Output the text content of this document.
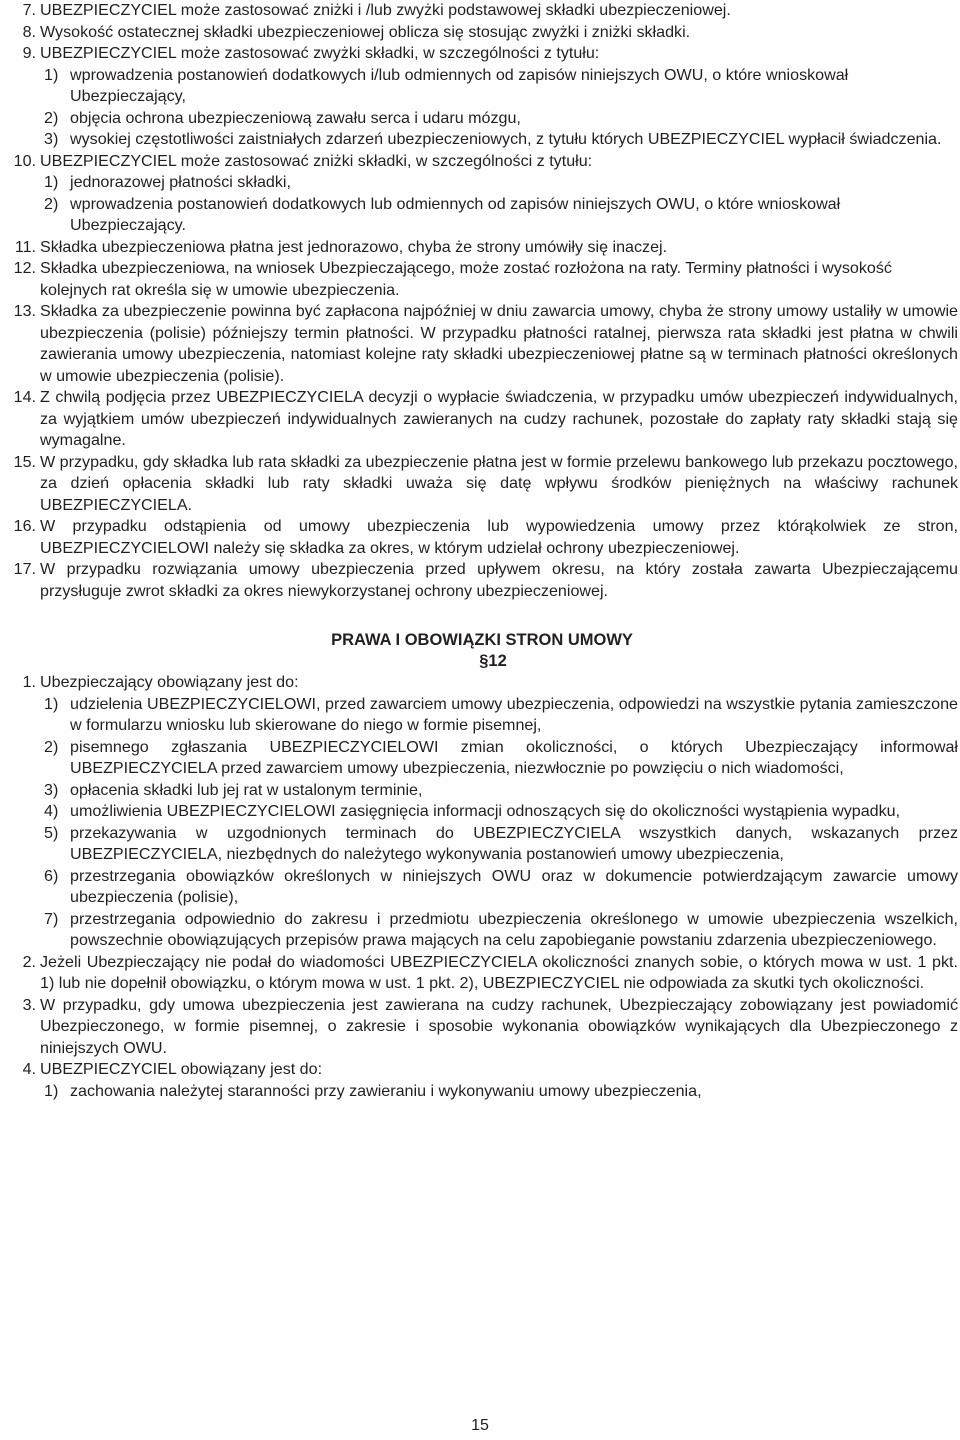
7. UBEZPIECZYCIEL może zastosować zniżki i /lub zwyżki podstawowej składki ubezpieczeniowej.
8. Wysokość ostatecznej składki ubezpieczeniowej oblicza się stosując zwyżki i zniżki składki.
9. UBEZPIECZYCIEL może zastosować zwyżki składki, w szczególności z tytułu:
1) wprowadzenia postanowień dodatkowych i/lub odmiennych od zapisów niniejszych OWU, o które wnioskował Ubezpieczający,
2) objęcia ochrona ubezpieczeniową zawału serca i udaru mózgu,
3) wysokiej częstotliwości zaistniałych zdarzeń ubezpieczeniowych, z tytułu których UBEZPIECZYCIEL wypłacił świadczenia.
10. UBEZPIECZYCIEL może zastosować zniżki składki, w szczególności z tytułu:
1) jednorazowej płatności składki,
2) wprowadzenia postanowień dodatkowych lub odmiennych od zapisów niniejszych OWU, o które wnioskował Ubezpieczający.
11. Składka ubezpieczeniowa płatna jest jednorazowo, chyba że strony umówiły się inaczej.
12. Składka ubezpieczeniowa, na wniosek Ubezpieczającego, może zostać rozłożona na raty. Terminy płatności i wysokość kolejnych rat określa się w umowie ubezpieczenia.
13. Składka za ubezpieczenie powinna być zapłacona najpóźniej w dniu zawarcia umowy, chyba że strony umowy ustaliły w umowie ubezpieczenia (polisie) późniejszy termin płatności. W przypadku płatności ratalnej, pierwsza rata składki jest płatna w chwili zawierania umowy ubezpieczenia, natomiast kolejne raty składki ubezpieczeniowej płatne są w terminach płatności określonych w umowie ubezpieczenia (polisie).
14. Z chwilą podjęcia przez UBEZPIECZYCIELA decyzji o wypłacie świadczenia, w przypadku umów ubezpieczeń indywidualnych, za wyjątkiem umów ubezpieczeń indywidualnych zawieranych na cudzy rachunek, pozostałe do zapłaty raty składki stają się wymagalne.
15. W przypadku, gdy składka lub rata składki za ubezpieczenie płatna jest w formie przelewu bankowego lub przekazu pocztowego, za dzień opłacenia składki lub raty składki uważa się datę wpływu środków pieniężnych na właściwy rachunek UBEZPIECZYCIELA.
16. W przypadku odstąpienia od umowy ubezpieczenia lub wypowiedzenia umowy przez którąkolwiek ze stron, UBEZPIECZYCIELOWI należy się składka za okres, w którym udzielał ochrony ubezpieczeniowej.
17. W przypadku rozwiązania umowy ubezpieczenia przed upływem okresu, na który została zawarta Ubezpieczającemu przysługuje zwrot składki za okres niewykorzystanej ochrony ubezpieczeniowej.
PRAWA I OBOWIĄZKI STRON UMOWY
§12
1. Ubezpieczający obowiązany jest do:
1) udzielenia UBEZPIECZYCIELOWI, przed zawarciem umowy ubezpieczenia, odpowiedzi na wszystkie pytania zamieszczone w formularzu wniosku lub skierowane do niego w formie pisemnej,
2) pisemnego zgłaszania UBEZPIECZYCIELOWI zmian okoliczności, o których Ubezpieczający informował UBEZPIECZYCIELA przed zawarciem umowy ubezpieczenia, niezwłocznie po powzięciu o nich wiadomości,
3) opłacenia składki lub jej rat w ustalonym terminie,
4) umożliwienia UBEZPIECZYCIELOWI zasięgnięcia informacji odnoszących się do okoliczności wystąpienia wypadku,
5) przekazywania w uzgodnionych terminach do UBEZPIECZYCIELA wszystkich danych, wskazanych przez UBEZPIECZYCIELA, niezbędnych do należytego wykonywania postanowień umowy ubezpieczenia,
6) przestrzegania obowiązków określonych w niniejszych OWU oraz w dokumencie potwierdzającym zawarcie umowy ubezpieczenia (polisie),
7) przestrzegania odpowiednio do zakresu i przedmiotu ubezpieczenia określonego w umowie ubezpieczenia wszelkich, powszechnie obowiązujących przepisów prawa mających na celu zapobieganie powstaniu zdarzenia ubezpieczeniowego.
2. Jeżeli Ubezpieczający nie podał do wiadomości UBEZPIECZYCIELA okoliczności znanych sobie, o których mowa w ust. 1 pkt. 1) lub nie dopełnił obowiązku, o którym mowa w ust. 1 pkt. 2), UBEZPIECZYCIEL nie odpowiada za skutki tych okoliczności.
3. W przypadku, gdy umowa ubezpieczenia jest zawierana na cudzy rachunek, Ubezpieczający zobowiązany jest powiadomić Ubezpieczonego, w formie pisemnej, o zakresie i sposobie wykonania obowiązków wynikających dla Ubezpieczonego z niniejszych OWU.
4. UBEZPIECZYCIEL obowiązany jest do:
1) zachowania należytej staranności przy zawieraniu i wykonywaniu umowy ubezpieczenia,
15
